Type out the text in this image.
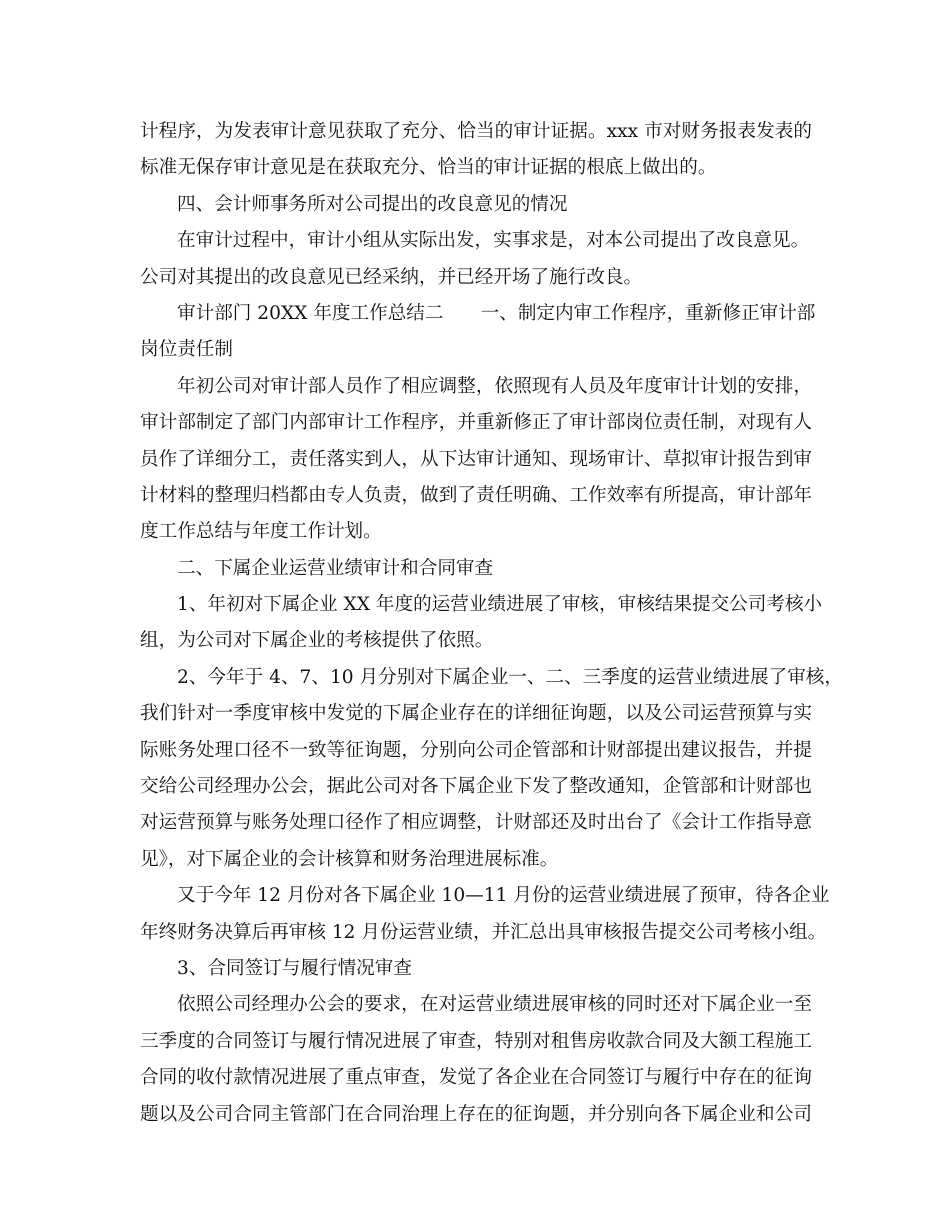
计程序，为发表审计意见获取了充分、恰当的审计证据。xxx 市对财务报表发表的
标准无保存审计意见是在获取充分、恰当的审计证据的根底上做出的。
四、会计师事务所对公司提出的改良意见的情况
在审计过程中，审计小组从实际出发，实事求是，对本公司提出了改良意见。
公司对其提出的改良意见已经采纳，并已经开场了施行改良。
审计部门 20XX 年度工作总结二　　一、制定内审工作程序，重新修正审计部
岗位责任制
年初公司对审计部人员作了相应调整，依照现有人员及年度审计计划的安排，
审计部制定了部门内部审计工作程序，并重新修正了审计部岗位责任制，对现有人
员作了详细分工，责任落实到人，从下达审计通知、现场审计、草拟审计报告到审
计材料的整理归档都由专人负责，做到了责任明确、工作效率有所提高，审计部年
度工作总结与年度工作计划。
二、下属企业运营业绩审计和合同审查
1、年初对下属企业 XX 年度的运营业绩进展了审核，审核结果提交公司考核小
组，为公司对下属企业的考核提供了依照。
2、今年于 4、7、10 月分别对下属企业一、二、三季度的运营业绩进展了审核，
我们针对一季度审核中发觉的下属企业存在的详细征询题，以及公司运营预算与实
际账务处理口径不一致等征询题，分别向公司企管部和计财部提出建议报告，并提
交给公司经理办公会，据此公司对各下属企业下发了整改通知，企管部和计财部也
对运营预算与账务处理口径作了相应调整，计财部还及时出台了《会计工作指导意
见》，对下属企业的会计核算和财务治理进展标准。
又于今年 12 月份对各下属企业 10—11 月份的运营业绩进展了预审，待各企业
年终财务决算后再审核 12 月份运营业绩，并汇总出具审核报告提交公司考核小组。
3、合同签订与履行情况审查
依照公司经理办公会的要求，在对运营业绩进展审核的同时还对下属企业一至
三季度的合同签订与履行情况进展了审查，特别对租售房收款合同及大额工程施工
合同的收付款情况进展了重点审查，发觉了各企业在合同签订与履行中存在的征询
题以及公司合同主管部门在合同治理上存在的征询题，并分别向各下属企业和公司
